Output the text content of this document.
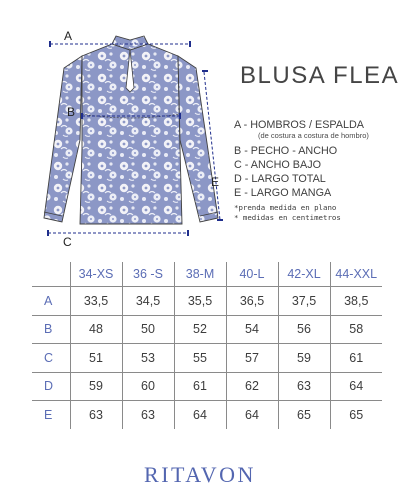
A
B
C
E
BLUSA FLEA
A - HOMBROS / ESPALDA
(de costura a costura de hombro)
B - PECHO - ANCHO
C - ANCHO BAJO
D - LARGO TOTAL
E - LARGO MANGA
*prenda medida en plano
* medidas en centimetros
	34-XS	36 -S	38-M	40-L	42-XL	44-XXL
A	33,5	34,5	35,5	36,5	37,5	38,5
B	48	50	52	54	56	58
C	51	53	55	57	59	61
D	59	60	61	62	63	64
E	63	63	64	64	65	65
RITAVON
